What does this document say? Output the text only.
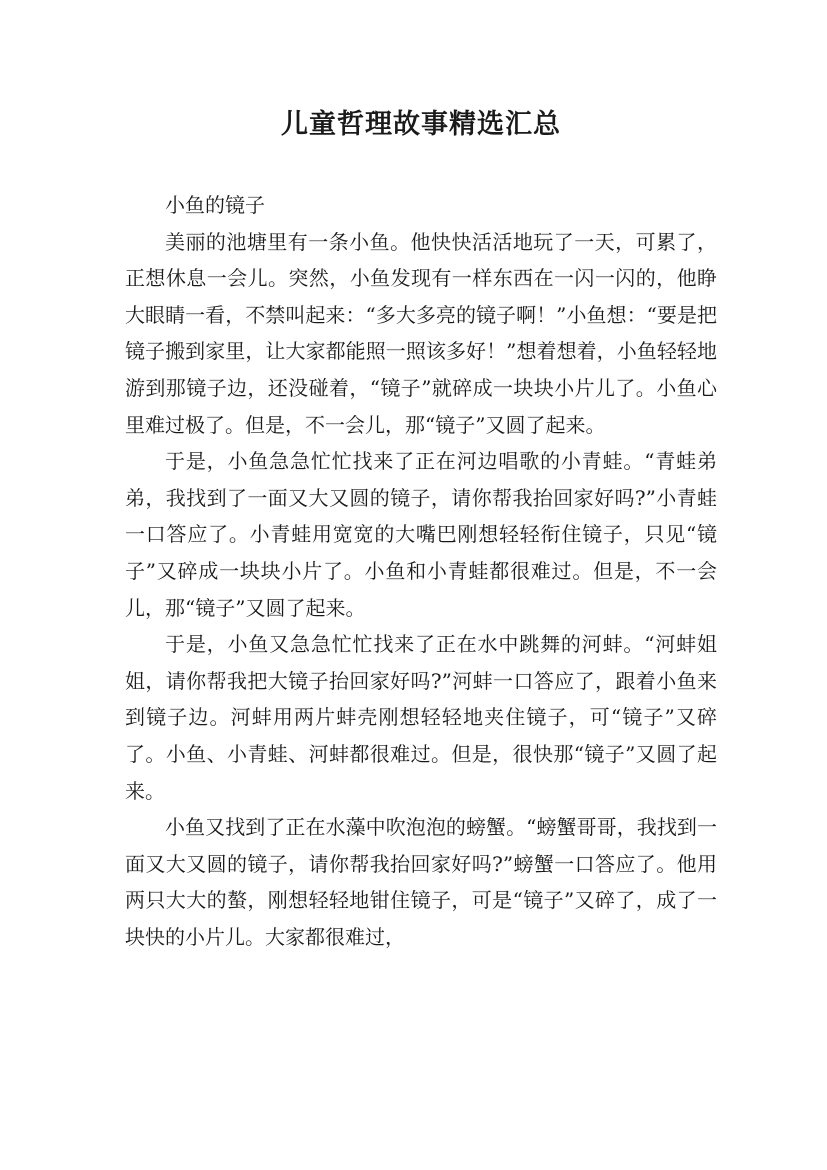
儿童哲理故事精选汇总

小鱼的镜子

美丽的池塘里有一条小鱼。他快快活活地玩了一天，可累了，正想休息一会儿。突然，小鱼发现有一样东西在一闪一闪的，他睁大眼睛一看，不禁叫起来：“多大多亮的镜子啊！”小鱼想：“要是把镜子搬到家里，让大家都能照一照该多好！”想着想着，小鱼轻轻地游到那镜子边，还没碰着，“镜子”就碎成一块块小片儿了。小鱼心里难过极了。但是，不一会儿，那“镜子”又圆了起来。

于是，小鱼急急忙忙找来了正在河边唱歌的小青蛙。“青蛙弟弟，我找到了一面又大又圆的镜子，请你帮我抬回家好吗?”小青蛙一口答应了。小青蛙用宽宽的大嘴巴刚想轻轻衔住镜子，只见“镜子”又碎成一块块小片了。小鱼和小青蛙都很难过。但是，不一会儿，那“镜子”又圆了起来。

于是，小鱼又急急忙忙找来了正在水中跳舞的河蚌。“河蚌姐姐，请你帮我把大镜子抬回家好吗?”河蚌一口答应了，跟着小鱼来到镜子边。河蚌用两片蚌壳刚想轻轻地夹住镜子，可“镜子”又碎了。小鱼、小青蛙、河蚌都很难过。但是，很快那“镜子”又圆了起来。

小鱼又找到了正在水藻中吹泡泡的螃蟹。“螃蟹哥哥，我找到一面又大又圆的镜子，请你帮我抬回家好吗?”螃蟹一口答应了。他用两只大大的螯，刚想轻轻地钳住镜子，可是“镜子”又碎了，成了一块快的小片儿。大家都很难过，
